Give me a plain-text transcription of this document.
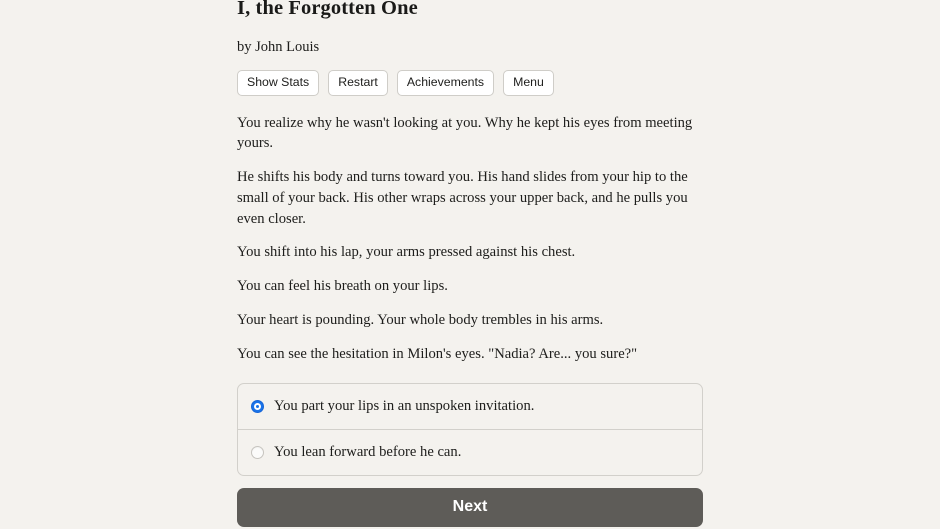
I, the Forgotten One
by John Louis
Show Stats	Restart	Achievements	Menu

You realize why he wasn't looking at you. Why he kept his eyes from meeting yours.

He shifts his body and turns toward you. His hand slides from your hip to the small of your back. His other wraps across your upper back, and he pulls you even closer.

You shift into his lap, your arms pressed against his chest.

You can feel his breath on your lips.

Your heart is pounding. Your whole body trembles in his arms.

You can see the hesitation in Milon's eyes. "Nadia? Are... you sure?"

You part your lips in an unspoken invitation.
You lean forward before he can.
Next
